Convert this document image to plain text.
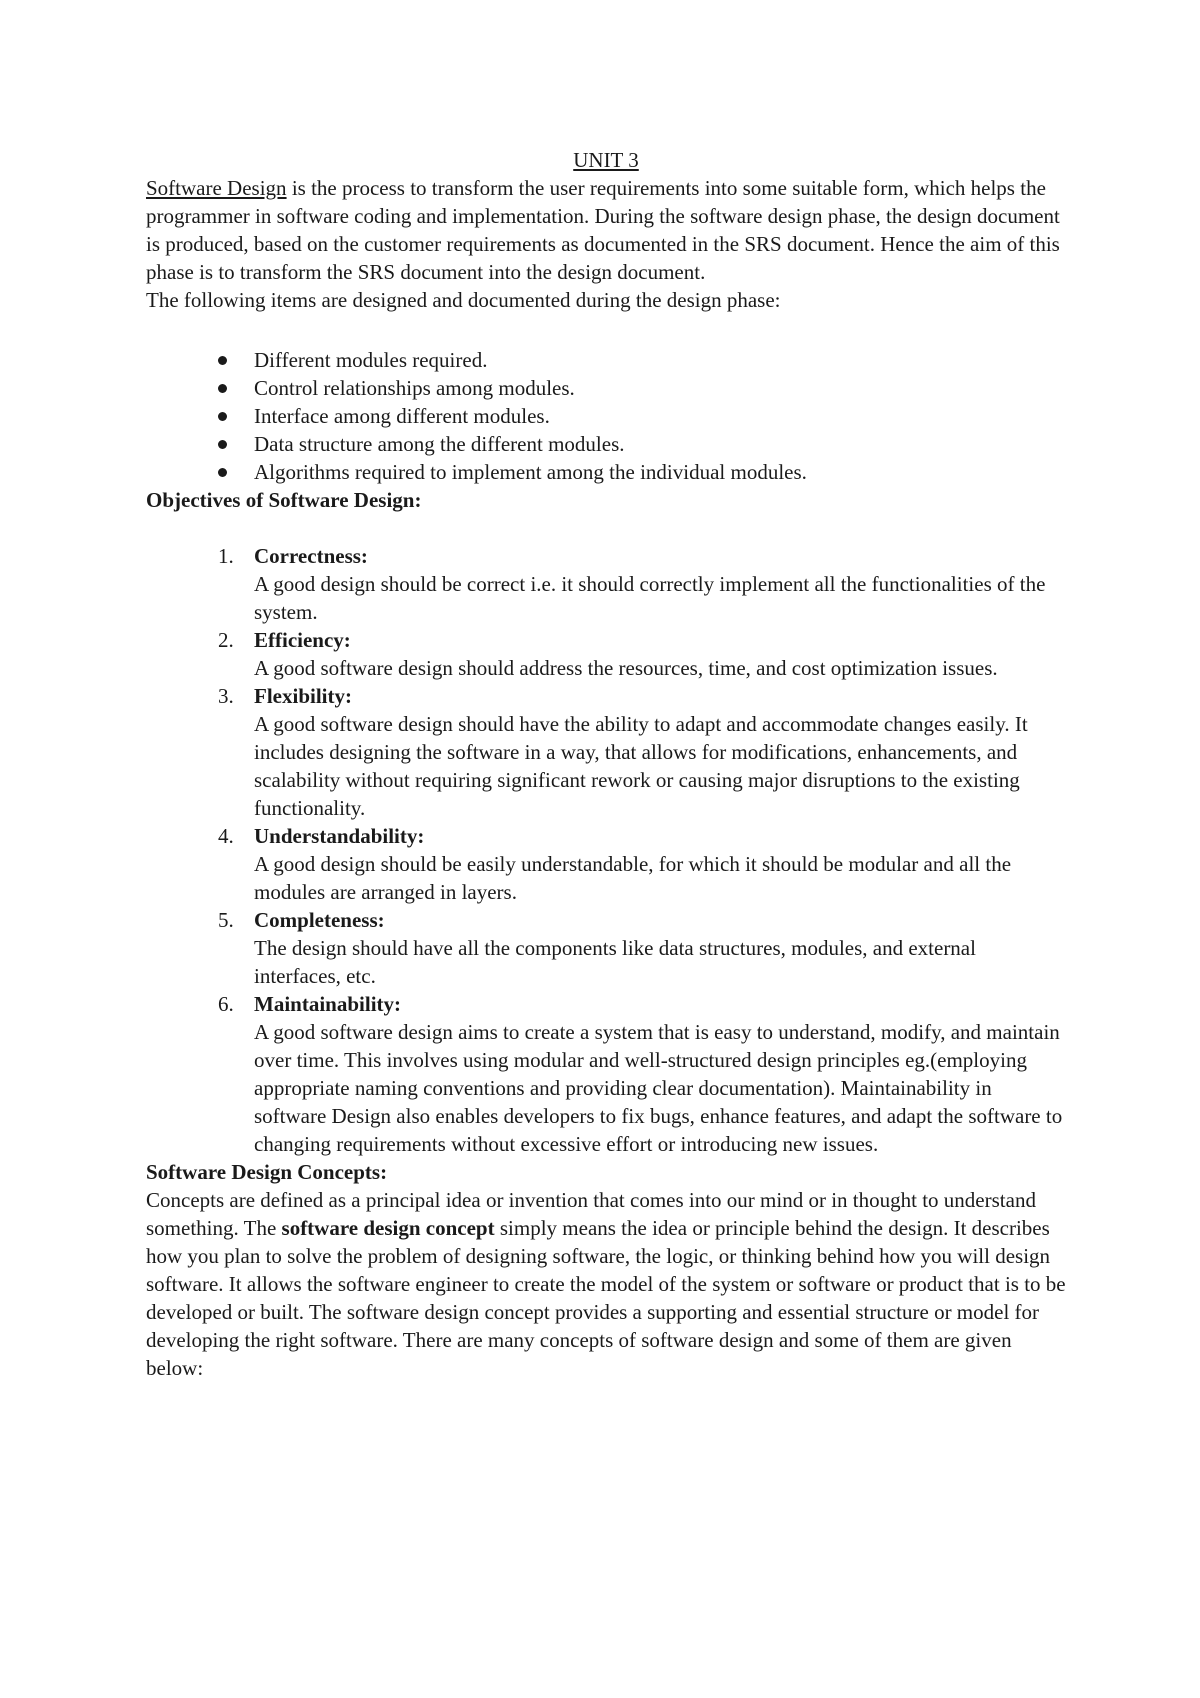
UNIT 3

Software Design is the process to transform the user requirements into some suitable form, which helps the programmer in software coding and implementation. During the software design phase, the design document is produced, based on the customer requirements as documented in the SRS document. Hence the aim of this phase is to transform the SRS document into the design document.

The following items are designed and documented during the design phase:

Different modules required.
Control relationships among modules.
Interface among different modules.
Data structure among the different modules.
Algorithms required to implement among the individual modules.

Objectives of Software Design:

1. Correctness:
A good design should be correct i.e. it should correctly implement all the functionalities of the system.
2. Efficiency:
A good software design should address the resources, time, and cost optimization issues.
3. Flexibility:
A good software design should have the ability to adapt and accommodate changes easily. It includes designing the software in a way, that allows for modifications, enhancements, and scalability without requiring significant rework or causing major disruptions to the existing functionality.
4. Understandability:
A good design should be easily understandable, for which it should be modular and all the modules are arranged in layers.
5. Completeness:
The design should have all the components like data structures, modules, and external interfaces, etc.
6. Maintainability:
A good software design aims to create a system that is easy to understand, modify, and maintain over time. This involves using modular and well-structured design principles eg.(employing appropriate naming conventions and providing clear documentation). Maintainability in software Design also enables developers to fix bugs, enhance features, and adapt the software to changing requirements without excessive effort or introducing new issues.

Software Design Concepts:

Concepts are defined as a principal idea or invention that comes into our mind or in thought to understand something. The software design concept simply means the idea or principle behind the design. It describes how you plan to solve the problem of designing software, the logic, or thinking behind how you will design software. It allows the software engineer to create the model of the system or software or product that is to be developed or built. The software design concept provides a supporting and essential structure or model for developing the right software. There are many concepts of software design and some of them are given below:
